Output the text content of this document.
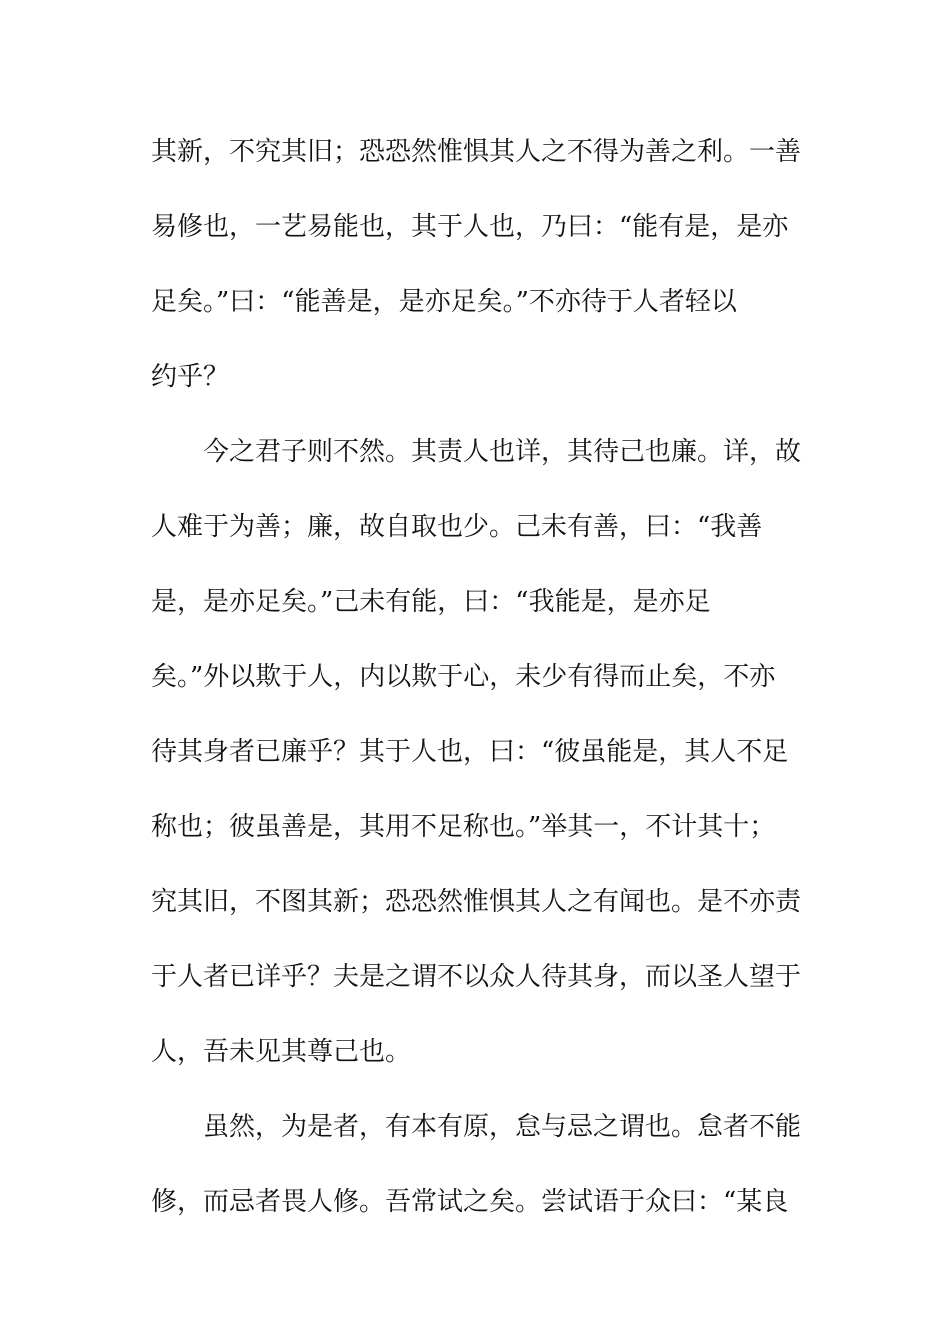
其新，不究其旧；恐恐然惟惧其人之不得为善之利。一善
易修也，一艺易能也，其于人也，乃曰：“能有是，是亦
足矣。”曰：“能善是，是亦足矣。”不亦待于人者轻以
约乎？
今之君子则不然。其责人也详，其待己也廉。详，故
人难于为善；廉，故自取也少。己未有善，曰：“我善
是，是亦足矣。”己未有能，曰：“我能是，是亦足
矣。”外以欺于人，内以欺于心，未少有得而止矣，不亦
待其身者已廉乎？其于人也，曰：“彼虽能是，其人不足
称也；彼虽善是，其用不足称也。”举其一，不计其十；
究其旧，不图其新；恐恐然惟惧其人之有闻也。是不亦责
于人者已详乎？夫是之谓不以众人待其身，而以圣人望于
人，吾未见其尊己也。
虽然，为是者，有本有原，怠与忌之谓也。怠者不能
修，而忌者畏人修。吾常试之矣。尝试语于众曰：“某良
